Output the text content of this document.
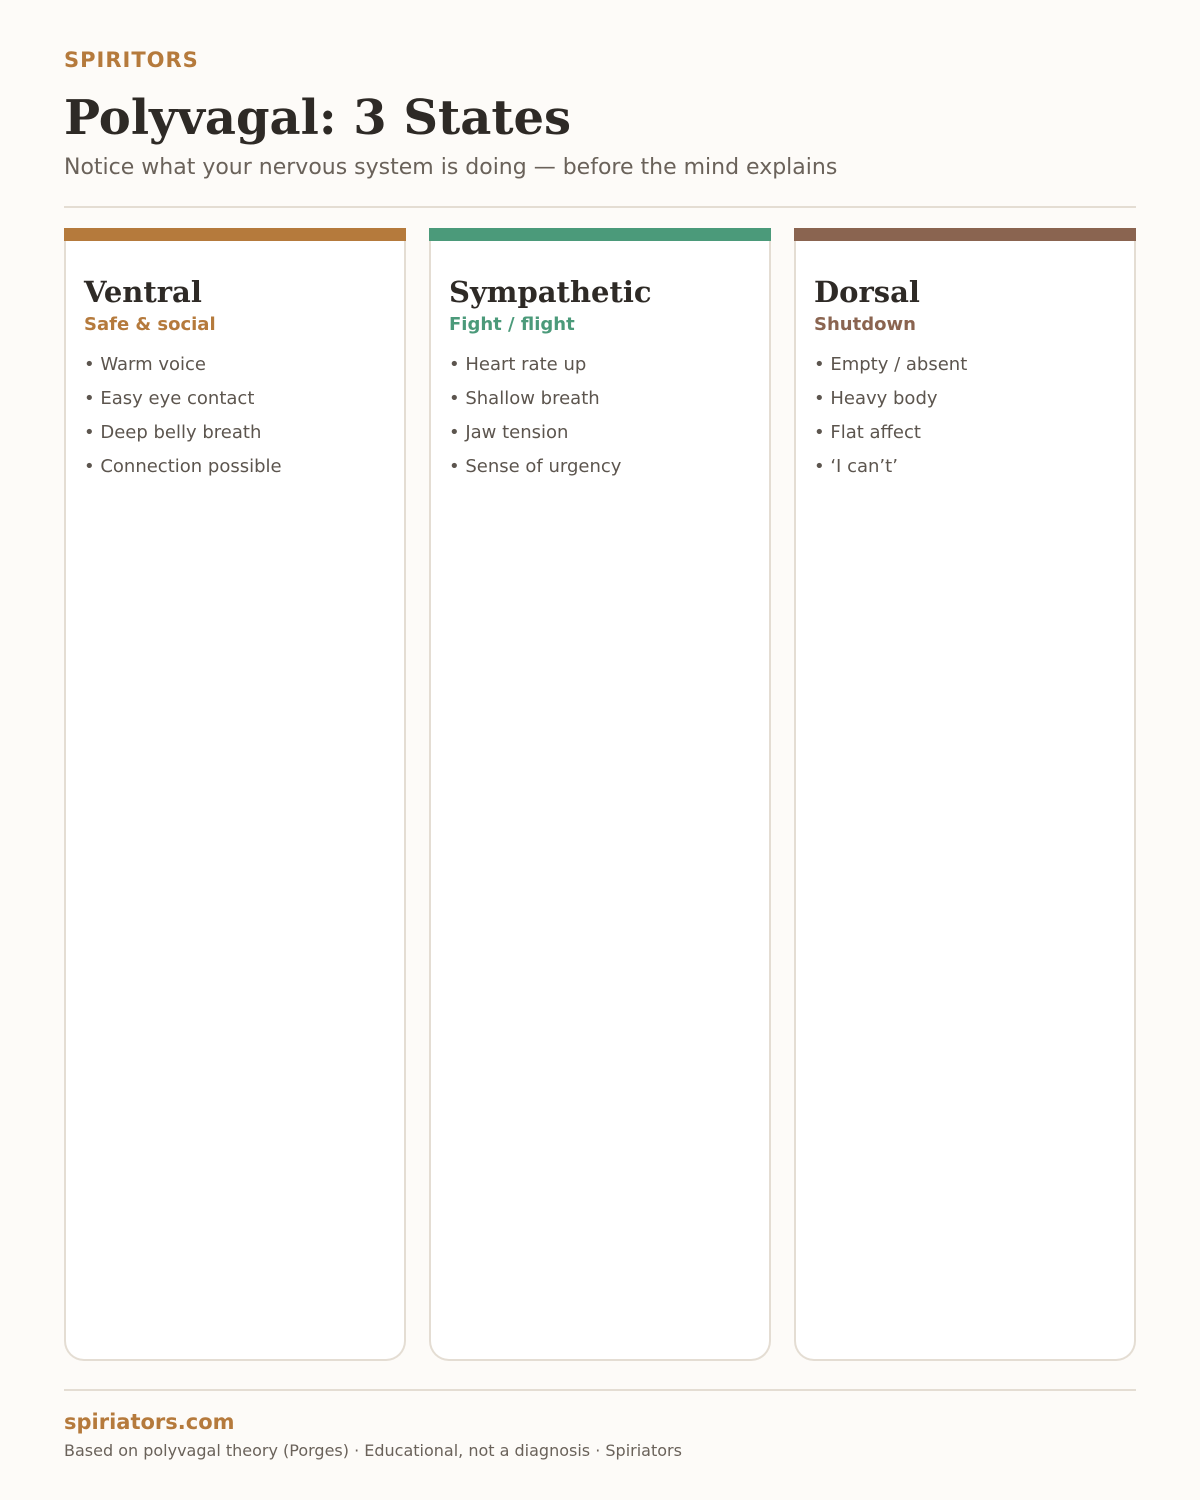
SPIRITORS
Polyvagal: 3 States
Notice what your nervous system is doing — before the mind explains
Ventral
Safe & social
• Warm voice
• Easy eye contact
• Deep belly breath
• Connection possible
Sympathetic
Fight / flight
• Heart rate up
• Shallow breath
• Jaw tension
• Sense of urgency
Dorsal
Shutdown
• Empty / absent
• Heavy body
• Flat affect
• ‘I can’t’
spiriators.com
Based on polyvagal theory (Porges) · Educational, not a diagnosis · Spiriators
